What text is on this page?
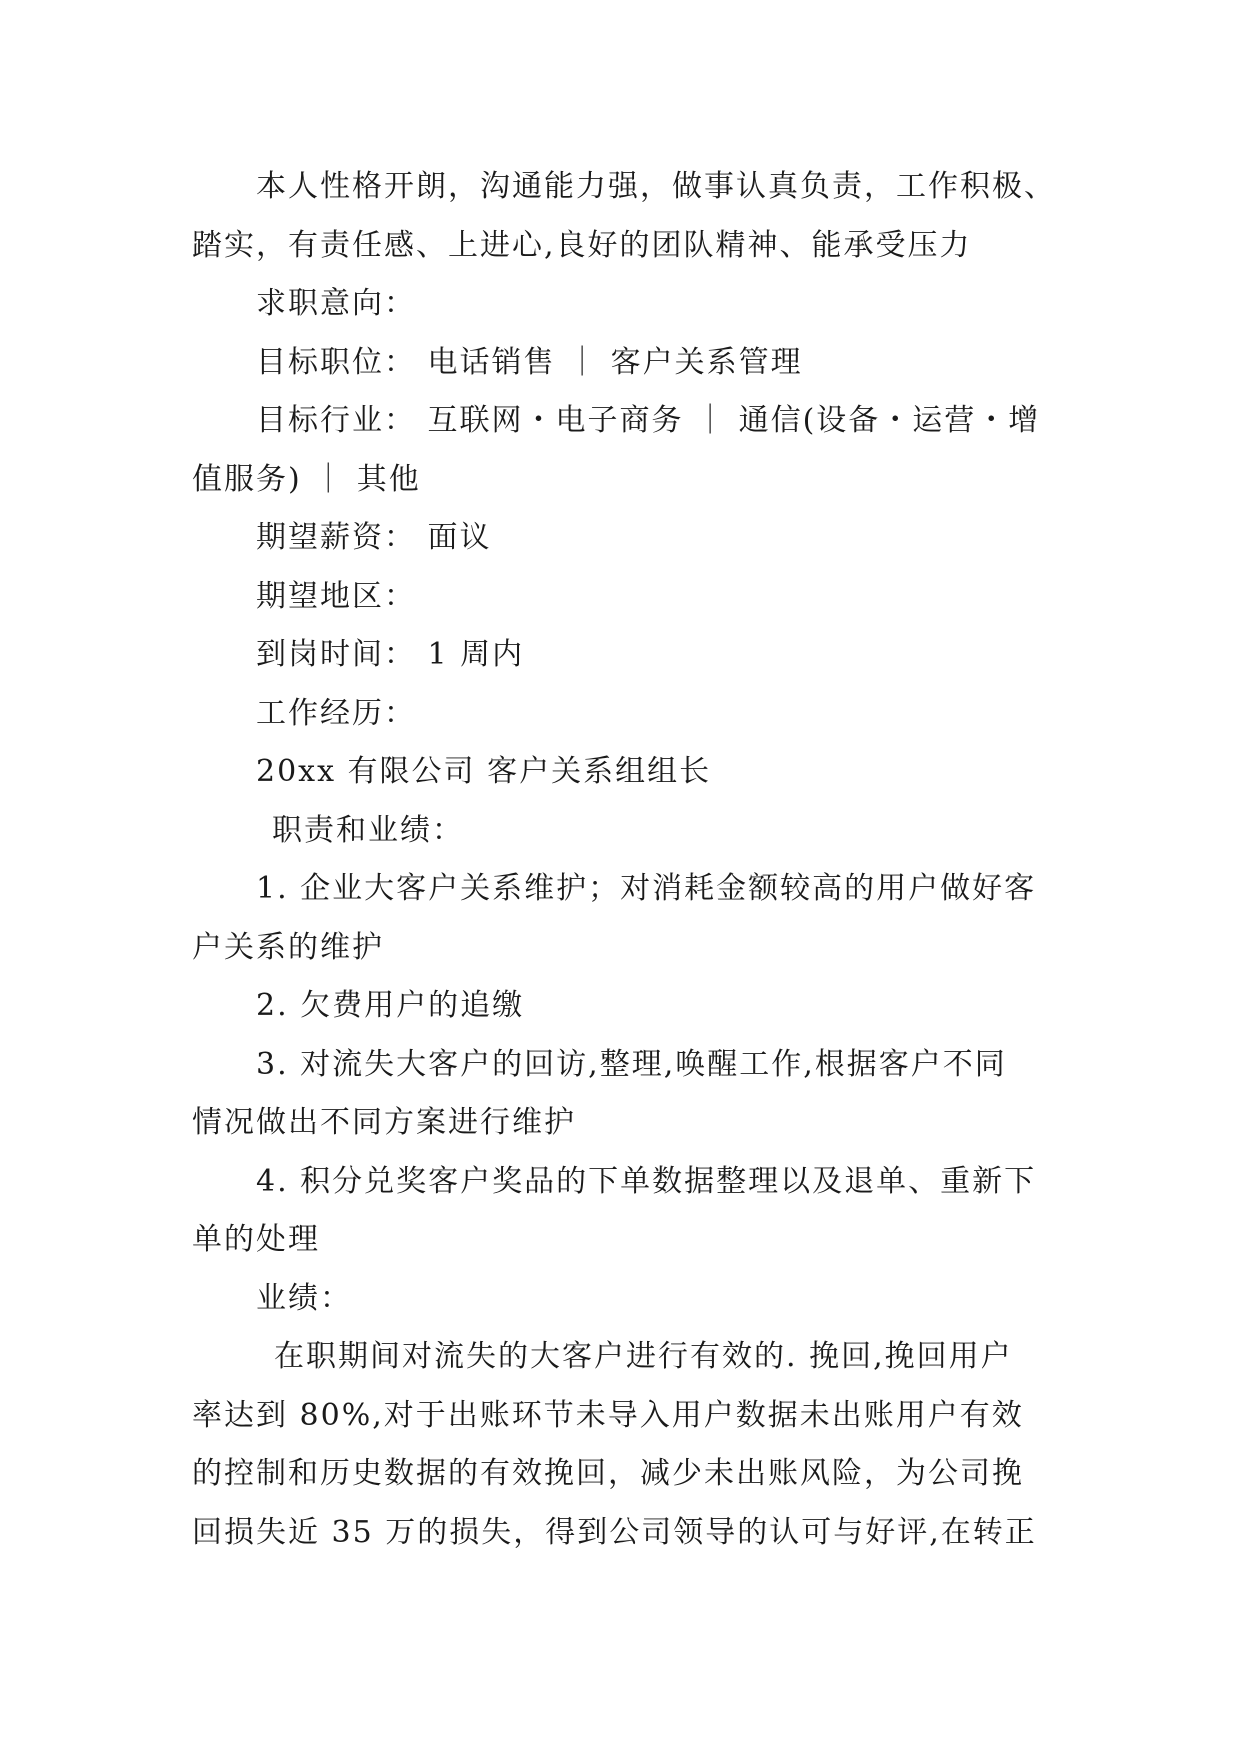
本人性格开朗，沟通能力强，做事认真负责，工作积极、
踏实，有责任感、上进心,良好的团队精神、能承受压力
求职意向：
目标职位： 电话销售 ｜ 客户关系管理
目标行业： 互联网・电子商务 ｜ 通信(设备・运营・增
值服务) ｜ 其他
期望薪资： 面议
期望地区：
到岗时间： 1 周内
工作经历：
20xx 有限公司 客户关系组组长
职责和业绩：
1. 企业大客户关系维护；对消耗金额较高的用户做好客
户关系的维护
2. 欠费用户的追缴
3. 对流失大客户的回访,整理,唤醒工作,根据客户不同
情况做出不同方案进行维护
4. 积分兑奖客户奖品的下单数据整理以及退单、重新下
单的处理
业绩：
在职期间对流失的大客户进行有效的. 挽回,挽回用户
率达到 80%,对于出账环节未导入用户数据未出账用户有效
的控制和历史数据的有效挽回，减少未出账风险，为公司挽
回损失近 35 万的损失，得到公司领导的认可与好评,在转正
